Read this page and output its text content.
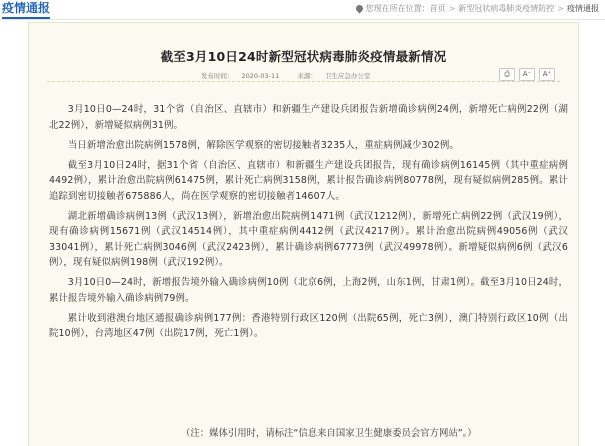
疫情通报	您现在所在位置：首页 > 新型冠状病毒肺炎疫情防控 > 疫情通报
截至3月10日24时新型冠状病毒肺炎疫情最新情况
发布时间： 2020-03-11	来源： 卫生应急办公室	⎙	A⁻	A⁺

3月10日0—24时，31个省（自治区、直辖市）和新疆生产建设兵团报告新增确诊病例24例，新增死亡病例22例（湖北22例），新增疑似病例31例。

当日新增治愈出院病例1578例，解除医学观察的密切接触者3235人，重症病例减少302例。

截至3月10日24时，据31个省（自治区、直辖市）和新疆生产建设兵团报告，现有确诊病例16145例（其中重症病例4492例），累计治愈出院病例61475例，累计死亡病例3158例，累计报告确诊病例80778例，现有疑似病例285例。累计追踪到密切接触者675886人，尚在医学观察的密切接触者14607人。

湖北新增确诊病例13例（武汉13例），新增治愈出院病例1471例（武汉1212例），新增死亡病例22例（武汉19例），现有确诊病例15671例（武汉14514例），其中重症病例4412例（武汉4217例）。累计治愈出院病例49056例（武汉33041例），累计死亡病例3046例（武汉2423例），累计确诊病例67773例（武汉49978例）。新增疑似病例6例（武汉6例），现有疑似病例198例（武汉192例）。

3月10日0—24时，新增报告境外输入确诊病例10例（北京6例，上海2例，山东1例，甘肃1例）。截至3月10日24时，累计报告境外输入确诊病例79例。

累计收到港澳台地区通报确诊病例177例：香港特别行政区120例（出院65例，死亡3例），澳门特别行政区10例（出院10例），台湾地区47例（出院17例，死亡1例）。

（注：媒体引用时，请标注“信息来自国家卫生健康委员会官方网站”。）
